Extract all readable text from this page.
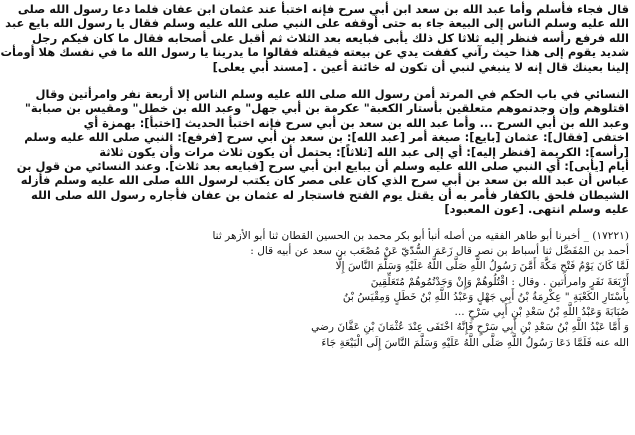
قال فجاء فأسلم وأما عبد الله بن سعد ابن أبي سرح فإنه اختبأ عند عثمان ابن عفان فلما دعا رسول الله صلى
الله عليه وسلم الناس إلى البيعة جاء به حتى أوقفه على النبي صلى الله عليه وسلم فقال يا رسول الله بايع عبد
الله فرفع رأسه فنظر إليه ثلاثا كل ذلك يأبى فبايعه بعد الثلاث ثم أقبل على أصحابه فقال ما كان فيكم رجل
شديد يقوم إلى هذا حيث رآني كففت يدي عن بيعته فيقتله فقالوا ما يدرينا يا رسول الله ما في نفسك هلا أومأت
إلينا بعينك قال إنه لا ينبغي لنبي أن تكون له خائنة أعين . [مسند أبي يعلى]
النسائي في باب الحكم في المرتد أمن رسول الله صلى الله عليه وسلم الناس إلا أربعة نفر وامرأتين وقال
اقتلوهم وإن وجدتموهم متعلقين بأستار الكعبة" عكرمة بن أبي جهل" وعبد الله بن خطل" ومقيس بن صبابة"
وعبد الله بن أبي السرح ... وأما عبد الله بن سعد بن أبي سرح فإنه اختبأ الحديث [اختبأ]: بهمزة أي
اختفى [فقال]: عثمان [بايع]: صيغة أمر [عبد الله]: بن سعد بن أبي سرح [فرفع]: النبي صلى الله عليه وسلم
[رأسه]: الكريمة [فنظر إليه]: أي إلى عبد الله [ثلاثاً]: يحتمل أن يكون ثلاث مرات وأن يكون ثلاثة
أيام [يأبى]: أي النبي صلى الله عليه وسلم أن يبايع ابن أبي سرح [فبايعه بعد ثلاث]. وعند النسائي من قول بن
عباس أن عبد الله بن سعد بن أبي سرح الذي كان على مصر كان يكتب لرسول الله صلى الله عليه وسلم فأزله
الشيطان فلحق بالكفار فأمر به أن يقتل يوم الفتح فاستجار له عثمان بن عفان فأجاره رسول الله صلى الله
عليه وسلم انتهى. [عون المعبود]
(١٧٢٢١) _ أخبرنا أبو طاهر الفقيه من أصله أنبأ أبو بكر محمد بن الحسين القطان ثنا أبو الأزهر ثنا
أحمد بن المُفَضَّل ثنا أسباط بن نصر قال زَعَمَ السُّدّيّ عَنْ مُصْعَب بن سعد عن أبيه قال :
لَمَّا كَانَ يَوْمُ فَتْحِ مَكَّةَ أَمَّنَ رَسُولُ اللَّهِ صَلَّى اللَّهُ عَلَيْهِ وَسَلَّمَ النَّاسَ إِلَّا
أَرْبَعَةَ نَفَرٍ وامرأتين . وقال : اقْتُلُوهُمْ وَإِنْ وَجَدْتُمُوهُمْ مُتَعَلِّقِينَ
بِأَسْتَارِ الكَعْبَةِ " عِكْرِمَةُ بْنُ أَبِي جَهْلٍ وَعَبْدُ اللَّهِ بْنُ خَطَلٍ وَمِقْيَسُ بْنُ
صُبَابَةَ وَعَبْدُ اللَّهِ بْنُ سَعْدِ بْنِ أَبِي سَرْحٍ ...
وَ أَمَّا عَبْدُ اللَّهِ بْنُ سَعْدِ بْنِ أَبِي سَرْحٍ فَإِنَّهُ اخْتَفَى عِنْدَ عُثْمَانَ بْنِ عَفَّانَ رضي
الله عنه فَلَمَّا دَعَا رَسُولُ اللَّهِ صَلَّى اللَّهُ عَلَيْهِ وَسَلَّمَ النَّاسَ إِلَى الْبَيْعَةِ جَاءَ
